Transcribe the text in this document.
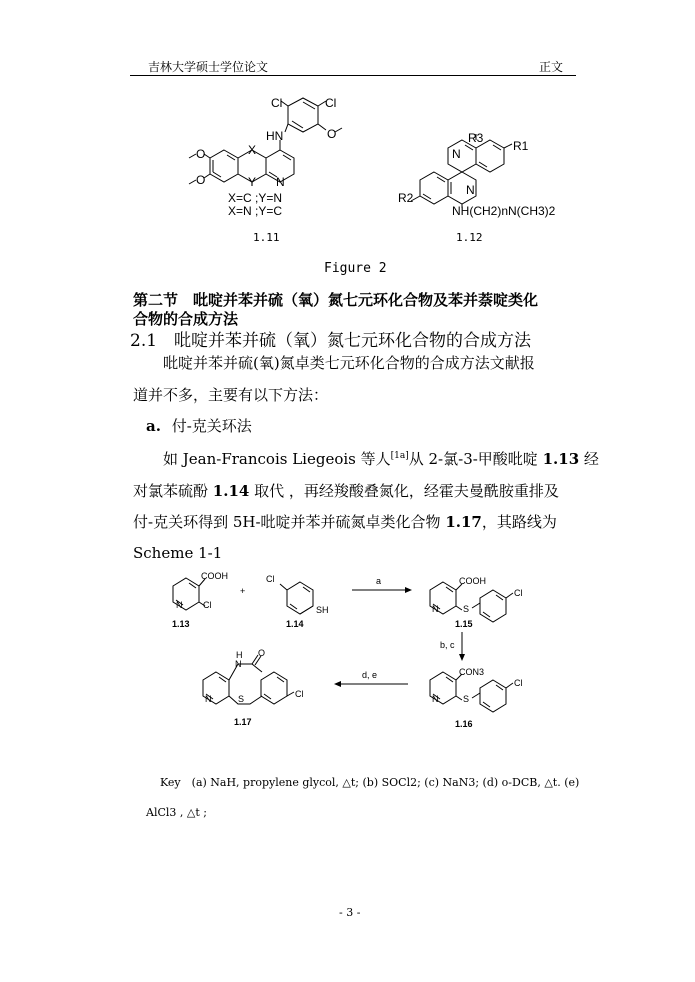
吉林大学硕士学位论文	正文
Cl	Cl
HN	O
X
Y N
O
O
X=C ;Y=N
X=N ;Y=C
1.11
R3
R1
R2
N
N
NH(CH2)nN(CH3)2
1.12
Figure 2
COOH
N Cl
1.13
+
Cl
SH
1.14
a	COOH
N	S
Cl
1.15
b, c
CON3
N	S
Cl
1.16
d, e
H
N
O
N	S	Cl
1.17
第二节　吡啶并苯并硫（氧）氮七元环化合物及苯并萘啶类化
合物的合成方法
2.1　吡啶并苯并硫（氧）氮七元环化合物的合成方法
吡啶并苯并硫(氧)氮卓类七元环化合物的合成方法文献报
道并不多，主要有以下方法：
a. 付-克关环法
如 Jean-Francois Liegeois 等人[1a]从 2-氯-3-甲酸吡啶 1.13 经
对氯苯硫酚 1.14 取代 ，再经羧酸叠氮化，经霍夫曼酰胺重排及
付-克关环得到 5H-吡啶并苯并硫氮卓类化合物 1.17，其路线为
Scheme 1-1
Key　(a) NaH, propylene glycol, △t; (b) SOCl2; (c) NaN3; (d) o-DCB, △t. (e)
AlCl3 , △t ;
- 3 -
